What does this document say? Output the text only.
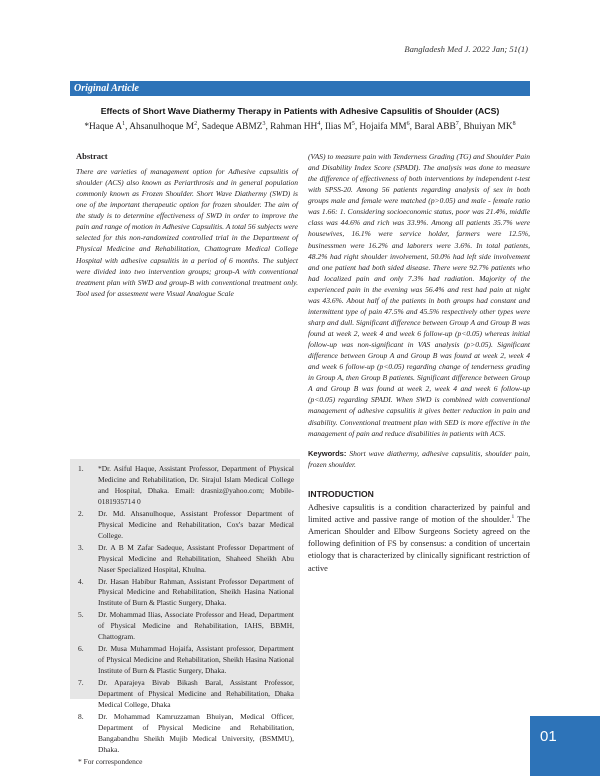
Bangladesh Med J. 2022 Jan; 51(1)
Original Article
Effects of Short Wave Diathermy Therapy in Patients with Adhesive Capsulitis of Shoulder (ACS)
*Haque $A^1$, Ahsanulhoque $M^2$, Sadeque ABMZ$^3$, Rahman $HH^4$, Ilias $M^5$, Hojaifa $MM^6$, Baral ABB$^7$, Bhuiyan $MK^8$
Abstract

There are varieties of management option for Adhesive capsulitis of shoulder (ACS) also known as Periarthrosis and in general population commonly known as Frozen Shoulder. Short Wave Diathermy (SWD) is one of the important therapeutic option for frozen shoulder. The aim of the study is to determine effectiveness of SWD in order to improve the pain and range of motion in Adhesive Capsulitis. A total 56 subjects were selected for this non-randomized controlled trial in the Department of Physical Medicine and Rehabilitation, Chattogram Medical College Hospital with adhesive capsulitis in a period of 6 months. The subject were divided into two intervention groups; group-A with conventional treatment plan with SWD and group-B with conventional treatment only. Tool used for assesment were Visual Analogue Scale

1.	*Dr. Asiful Haque, Assistant Professor, Department of Physical Medicine and Rehabilitation, Dr. Sirajul Islam Medical College and Hospital, Dhaka. Email: drasniz@yahoo.com; Mobile- 0181935714 0
2.	Dr. Md. Ahsanulhoque, Assistant Professor Department of Physical Medicine and Rehabilitation, Cox's bazar Medical College.
3.	Dr. A B M Zafar Sadeque, Assistant Professor Department of Physical Medicine and Rehabilitation, Shaheed Sheikh Abu Naser Specialized Hospital, Khulna.
4.	Dr. Hasan Habibur Rahman, Assistant Professor Department of Physical Medicine and Rehabilitation, Sheikh Hasina National Institute of Burn & Plastic Surgery, Dhaka.
5.	Dr. Mohammad Ilias, Associate Professor and Head, Department of Physical Medicine and Rehabilitation, IAHS, BBMH, Chattogram.
6.	Dr. Musa Muhammad Hojaifa, Assistant professor, Department of Physical Medicine and Rehabilitation, Sheikh Hasina National Institute of Burn & Plastic Surgery, Dhaka.
7.	Dr. Aparajeya Bivab Bikash Baral, Assistant Professor, Department of Physical Medicine and Rehabilitation, Dhaka Medical College, Dhaka
8.	Dr. Mohammad Kamruzzaman Bhuiyan, Medical Officer, Department of Physical Medicine and Rehabilitation, Bangabandhu Sheikh Mujib Medical University, (BSMMU), Dhaka.
* For correspondence

(VAS) to measure pain with Tenderness Grading (TG) and Shoulder Pain and Disability Index Score (SPADI). The analysis was done to measure the difference of effectiveness of both interventions by independent t-test with SPSS-20. Among 56 patients regarding analysis of sex in both groups male and female were matched (p>0.05) and male - female ratio was 1.66: 1. Considering socioeconomic status, poor was 21.4%, middle class was 44.6% and rich was 33.9%. Among all patients 35.7% were housewives, 16.1% were service holder, farmers were 12.5%, businessmen were 16.2% and laborers were 3.6%. In total patients, 48.2% had right shoulder involvement, 50.0% had left side involvement and one patient had both sided disease. There were 92.7% patients who had localized pain and only 7.3% had radiation. Majority of the experienced pain in the evening was 56.4% and rest had pain at night was 43.6%. About half of the patients in both groups had constant and intermittent type of pain 47.5% and 45.5% respectively other types were sharp and dull. Significant difference between Group A and Group B was found at week 2, week 4 and week 6 follow-up (p<0.05) whereas initial follow-up was non-significant in VAS analysis (p>0.05). Significant difference between Group A and Group B was found at week 2, week 4 and week 6 follow-up (p<0.05) regarding change of tenderness grading in Group A, then Group B patients. Significant difference between Group A and Group B was found at week 2, week 4 and week 6 follow-up (p<0.05) regarding SPADI. When SWD is combined with conventional management of adhesive capsulitis it gives better reduction in pain and disability. Conventional treatment plan with SED is more effective in the management of pain and reduce disabilities in patients with ACS.

Keywords: Short wave diathermy, adhesive capsulitis, shoulder pain, frozen shoulder.

INTRODUCTION

Adhesive capsulitis is a condition characterized by painful and limited active and passive range of motion of the shoulder.$^1$ The American Shoulder and Elbow Surgeons Society agreed on the following definition of FS by consensus: a condition of uncertain etiology that is characterized by clinically significant restriction of active

01
